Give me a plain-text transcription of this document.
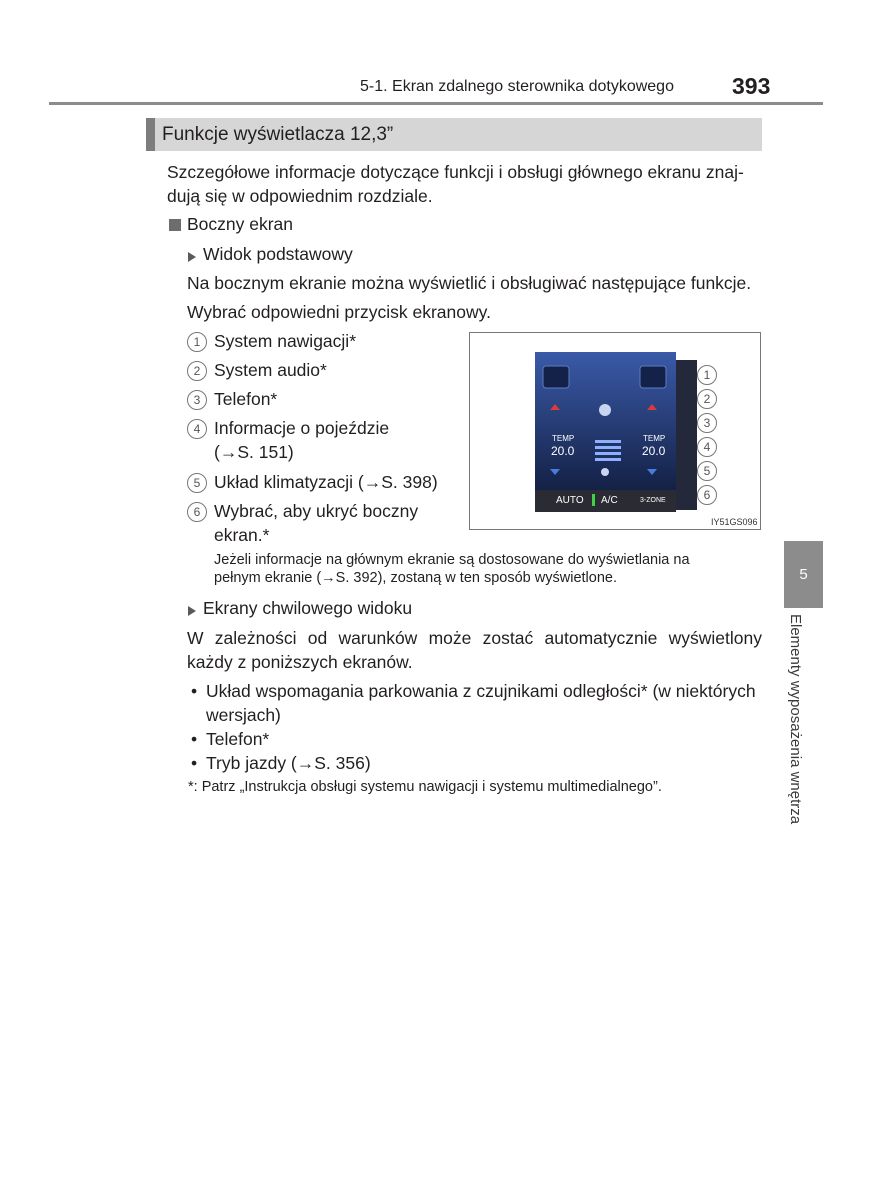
5-1. Ekran zdalnego sterownika dotykowego	393
Funkcje wyświetlacza 12,3”
Szczegółowe informacje dotyczące funkcji i obsługi głównego ekranu znaj-
dują się w odpowiednim rozdziale.
Boczny ekran
Widok podstawowy
Na bocznym ekranie można wyświetlić i obsługiwać następujące funkcje.
Wybrać odpowiedni przycisk ekranowy.
1 System nawigacji*
2 System audio*
3 Telefon*
4 Informacje o pojeździe
(→S. 151)
5 Układ klimatyzacji (→S. 398)
6 Wybrać, aby ukryć boczny
ekran.*
Jeżeli informacje na głównym ekranie są dostosowane do wyświetlania na
pełnym ekranie (→S. 392), zostaną w ten sposób wyświetlone.
Ekrany chwilowego widoku
W zależności od warunków może zostać automatycznie wyświetlony
każdy z poniższych ekranów.
• Układ wspomagania parkowania z czujnikami odległości* (w niektórych
wersjach)
• Telefon*
• Tryb jazdy (→S. 356)
*: Patrz „Instrukcja obsługi systemu nawigacji i systemu multimedialnego”.
TEMP
20.0
TEMP
20.0
AUTO A/C	3-ZONE
1
2
3
4
5
6
IY51GS096
5
Elementy wyposażenia wnętrza
